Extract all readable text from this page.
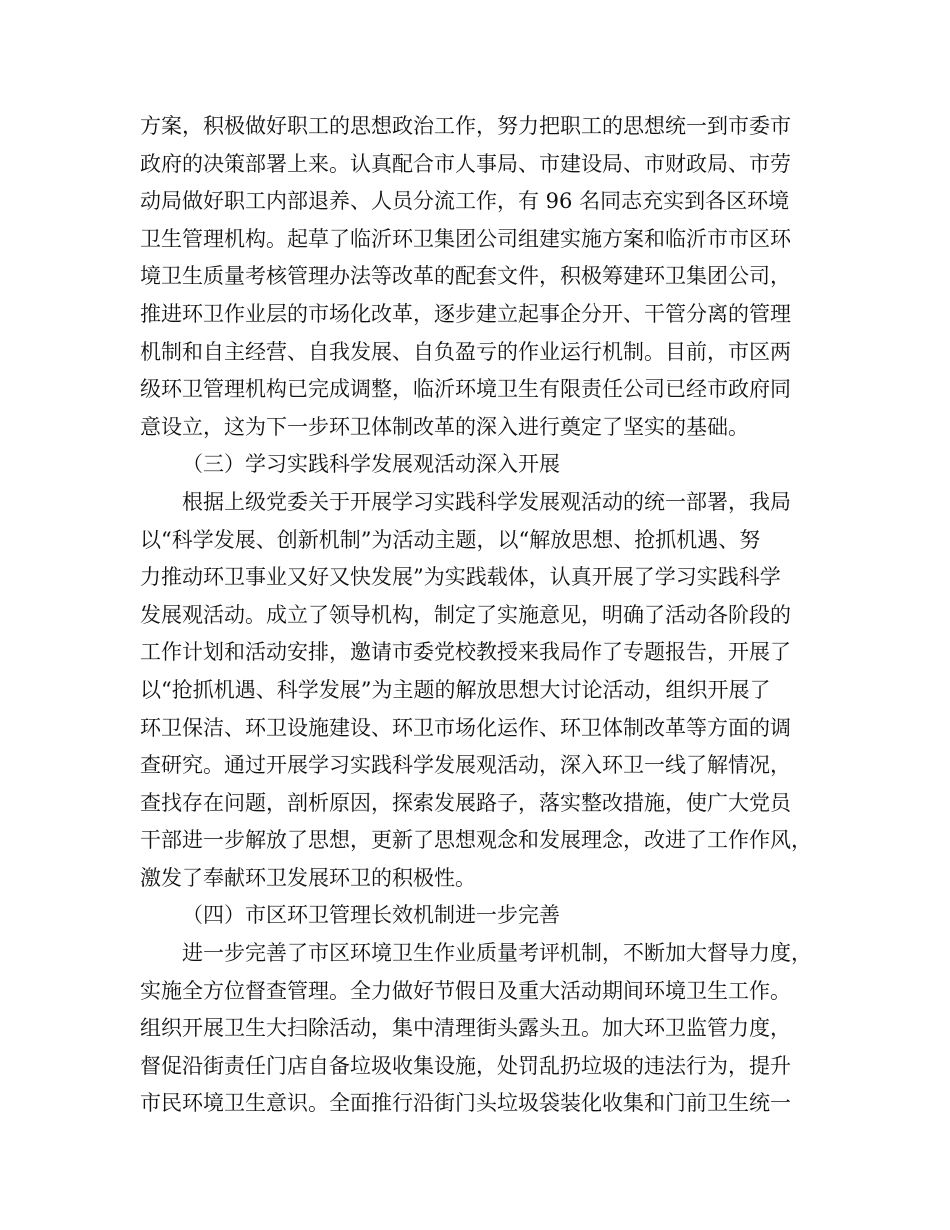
方案，积极做好职工的思想政治工作，努力把职工的思想统一到市委市
政府的决策部署上来。认真配合市人事局、市建设局、市财政局、市劳
动局做好职工内部退养、人员分流工作，有 96 名同志充实到各区环境
卫生管理机构。起草了临沂环卫集团公司组建实施方案和临沂市市区环
境卫生质量考核管理办法等改革的配套文件，积极筹建环卫集团公司，
推进环卫作业层的市场化改革，逐步建立起事企分开、干管分离的管理
机制和自主经营、自我发展、自负盈亏的作业运行机制。目前，市区两
级环卫管理机构已完成调整，临沂环境卫生有限责任公司已经市政府同
意设立，这为下一步环卫体制改革的深入进行奠定了坚实的基础。
（三）学习实践科学发展观活动深入开展
根据上级党委关于开展学习实践科学发展观活动的统一部署，我局
以“科学发展、创新机制”为活动主题，以“解放思想、抢抓机遇、努
力推动环卫事业又好又快发展”为实践载体，认真开展了学习实践科学
发展观活动。成立了领导机构，制定了实施意见，明确了活动各阶段的
工作计划和活动安排，邀请市委党校教授来我局作了专题报告，开展了
以“抢抓机遇、科学发展”为主题的解放思想大讨论活动，组织开展了
环卫保洁、环卫设施建设、环卫市场化运作、环卫体制改革等方面的调
查研究。通过开展学习实践科学发展观活动，深入环卫一线了解情况，
查找存在问题，剖析原因，探索发展路子，落实整改措施，使广大党员
干部进一步解放了思想，更新了思想观念和发展理念，改进了工作作风，
激发了奉献环卫发展环卫的积极性。
（四）市区环卫管理长效机制进一步完善
进一步完善了市区环境卫生作业质量考评机制，不断加大督导力度，
实施全方位督查管理。全力做好节假日及重大活动期间环境卫生工作。
组织开展卫生大扫除活动，集中清理街头露头丑。加大环卫监管力度，
督促沿街责任门店自备垃圾收集设施，处罚乱扔垃圾的违法行为，提升
市民环境卫生意识。全面推行沿街门头垃圾袋装化收集和门前卫生统一
